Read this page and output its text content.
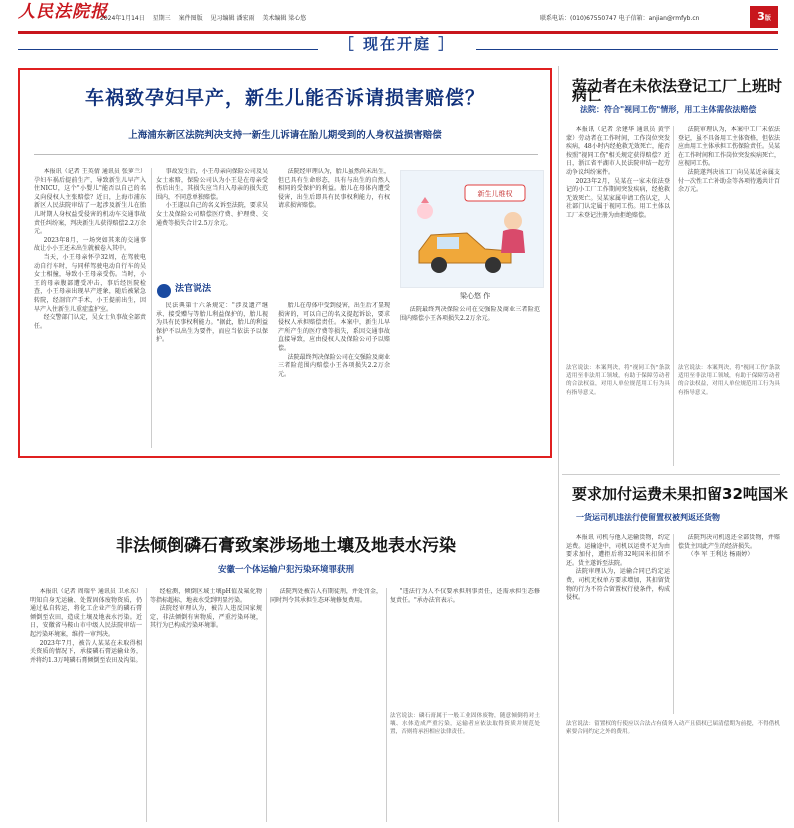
人民法院报
2024年1月14日 星期三 案件图版 见习编辑 潘宏雨 美术编辑 梁心悠	联系电话：(010)67550747 电子信箱：anjian@rmfyb.cn	3版
［ 现在开庭 ］
车祸致孕妇早产，新生儿能否诉请损害赔偿？
上海浦东新区法院判决支持一新生儿诉请在胎儿期受到的人身权益损害赔偿

本报讯（记者 王英倩 通讯员 张萝兰）孕妇车祸后提前生产，导致新生儿早产入住NICU，这个"小婴儿"能否以自己的名义向侵权人主张赔偿？近日，上海市浦东新区人民法院审结了一起涉及新生儿在胎儿时期人身权益受侵害的机动车交通事故责任纠纷案，判决新生儿获得赔偿2.2万余元。

2023年8月，一场突如其来的交通事故让小小王还未出生就被卷入其中。

当天，小王母亲怀孕32周，在驾驶电动自行车时，与同样驾驶电动自行车的吴女士相撞，导致小王母亲受伤。当时，小王的母亲腹部遭受冲击，事后经医院检查，小王母亲出现早产迹象，随后被紧急转院，经剖宫产手术，小王提前出生，因早产入住新生儿重症监护室。

经交警部门认定，吴女士负事故全部责任。

事故发生后，小王母亲向保险公司及吴女士索赔，保险公司认为小王是在母亲受伤后出生，其损失应当归入母亲的损失范围内，不同意单独赔偿。

小王遂以自己的名义诉至法院，要求吴女士及保险公司赔偿医疗费、护理费、交通费等损失合计2.5万余元。

法院经审理认为，胎儿虽然尚未出生，但已具有生命形态，具有与出生的自然人相同的受保护的利益。胎儿在母体内遭受侵害，出生后即具有民事权利能力，有权请求损害赔偿。

新生儿维权
梁心悠 作
法官说法

民法典第十六条规定："涉及遗产继承、接受赠与等胎儿利益保护的，胎儿视为具有民事权利能力。"据此，胎儿的利益保护不以出生为要件，而应当依法予以保护。

胎儿在母体中受到侵害，出生后才显现损害的，可以自己的名义提起诉讼，要求侵权人承担赔偿责任。本案中，新生儿早产所产生的医疗费等损失，系因交通事故直接导致，应由侵权人及保险公司予以赔偿。

法院最终判决保险公司在交强险及商业三者险范围内赔偿小王各项损失2.2万余元。

法院最终判决保险公司在交强险及商业三者险范围内赔偿小王各项损失2.2万余元。

劳动者在未依法登记工厂上班时病亡
法院：符合"视同工伤"情形，用工主体需依法赔偿

本报讯（记者 余建华 通讯员 黄宇蒙）劳动者在工作时间，工作岗位突发疾病，48小时内经抢救无效死亡，能否按照"视同工伤"相关规定获得赔偿？近日，浙江省平湖市人民法院审结一起劳动争议纠纷案件。

2023年2月，吴某在一家未依法登记的小工厂工作期间突发疾病，经抢救无效死亡。吴某家属申请工伤认定，人社部门认定属于视同工伤。用工主体以工厂未登记注册为由拒绝赔偿。

法院审理认为，本案中工厂未依法登记，虽不具备用工主体资格，但依法应由用工主体承担工伤保险责任。吴某在工作时间和工作岗位突发疾病死亡，应视同工伤。

法院遂判决该工厂向吴某近亲属支付一次性工亡补助金等各项待遇共计百余万元。

法官说法：本案判决，将"视同工伤"条款适用至非法用工领域，有助于保障劳动者的合法权益，对用人单位规范用工行为具有指导意义。
法官说法：本案判决，将"视同工伤"条款适用至非法用工领域，有助于保障劳动者的合法权益，对用人单位规范用工行为具有指导意义。
要求加付运费未果扣留32吨国米
一货运司机违法行使留置权被判返还货物

本报讯 司机与他人运输货物，约定运费。运输途中，司机以运费不足为由要求加付，遭拒后将32吨国米扣留不还。货主遂诉至法院。

法院审理认为，运输合同已约定运费，司机无权单方要求增加，其扣留货物的行为不符合留置权行使条件，构成侵权。

法院判决司机返还全部货物，并赔偿货主因此产生的经济损失。

（李 军 王利达 杨雨婷）

法官说法：留置权的行使应以合法占有债务人动产且债权已届清偿期为前提，不得借机索要合同约定之外的费用。
非法倾倒磷石膏致案涉场地土壤及地表水污染
安徽一个体运输户犯污染环境罪获刑

本报讯（记者 周瑞平 通讯员 卫永东）明知自身无运输、处置固体废物资质，仍通过私自转运，将化工企业产生的磷石膏倾倒至农田，造成土壤及地表水污染。近日，安徽省马鞍山市中级人民法院审结一起污染环境案，维持一审判决。

2023年7月，被告人某某在未取得相关资质的情况下，承接磷石膏运输业务，并将约1.3万吨磷石膏倾倒至农田及沟渠。

经检测，倾倒区域土壤pH值及氟化物等指标超标，地表水受到明显污染。

法院经审理认为，被告人违反国家规定，非法倾倒有害物质，严重污染环境，其行为已构成污染环境罪。

法院判处被告人有期徒刑，并处罚金，同时判令其承担生态环境修复费用。

"违法行为人不仅要承担刑事责任，还需承担生态修复责任。"承办法官表示。

法官说法：磷石膏属于一般工业固体废物，随意倾倒将对土壤、水体造成严重污染，运输者应依法取得资质并规范处置，否则将承担相应法律责任。
